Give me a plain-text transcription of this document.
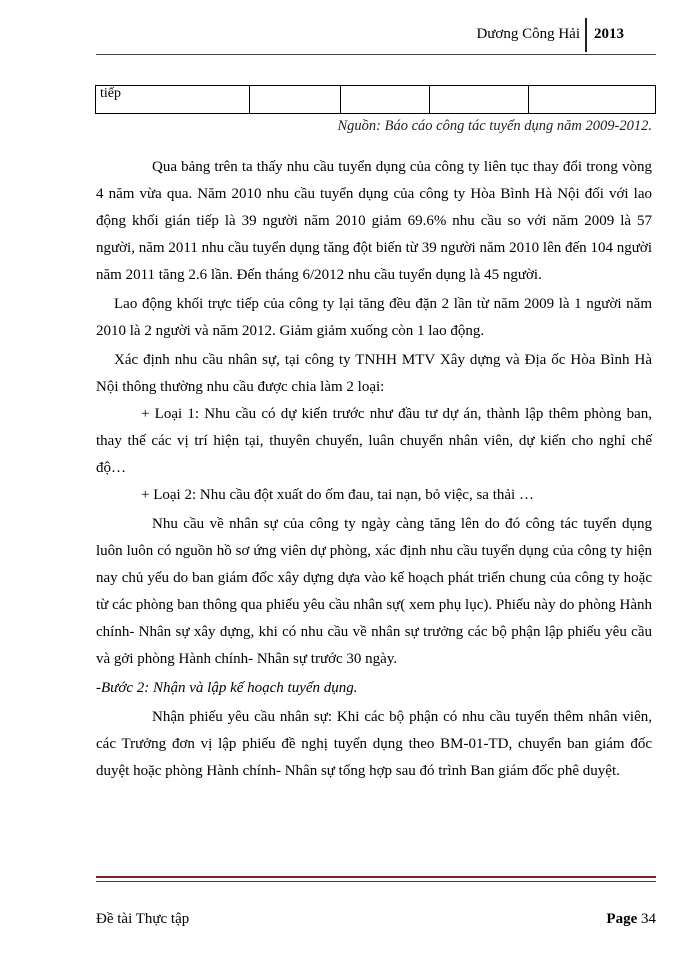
Dương Công Hải 2013
tiếp				
Nguồn: Báo cáo công tác tuyển dụng năm 2009-2012.

Qua bảng trên ta thấy nhu cầu tuyển dụng của công ty liên tục thay đổi trong vòng 4 năm vừa qua. Năm 2010 nhu cầu tuyển dụng của công ty Hòa Bình Hà Nội đối với lao động khối gián tiếp là 39 người năm 2010 giảm 69.6% nhu cầu so với năm 2009 là 57 người, năm 2011 nhu cầu tuyển dụng tăng đột biến từ 39 người năm 2010 lên đến 104 người năm 2011 tăng 2.6 lần. Đến tháng 6/2012 nhu cầu tuyển dụng là 45 người.

Lao động khối trực tiếp của công ty lại tăng đều đặn 2 lần từ năm 2009 là 1 người năm 2010 là 2 người và năm 2012. Giảm giảm xuống còn 1 lao động.

Xác định nhu cầu nhân sự, tại công ty TNHH MTV Xây dựng và Địa ốc Hòa Bình Hà Nội thông thường nhu cầu được chia làm 2 loại:

+ Loại 1: Nhu cầu có dự kiến trước như đầu tư dự án, thành lập thêm phòng ban, thay thế các vị trí hiện tại, thuyên chuyển, luân chuyển nhân viên, dự kiến cho nghỉ chế độ…

+ Loại 2: Nhu cầu đột xuất do ốm đau, tai nạn, bỏ việc, sa thải …

Nhu cầu về nhân sự của công ty ngày càng tăng lên do đó công tác tuyển dụng luôn luôn có nguồn hồ sơ ứng viên dự phòng, xác định nhu cầu tuyển dụng của công ty hiện nay chủ yếu do ban giám đốc xây dựng dựa vào kế hoạch phát triển chung của công ty hoặc từ các phòng ban thông qua phiếu yêu cầu nhân sự( xem phụ lục). Phiếu này do phòng Hành chính- Nhân sự xây dựng, khi có nhu cầu về nhân sự trưởng các bộ phận lập phiếu yêu cầu và gởi phòng Hành chính- Nhân sự trước 30 ngày.

-Bước 2: Nhận và lập kế hoạch tuyển dụng.

Nhận phiếu yêu cầu nhân sự: Khi các bộ phận có nhu cầu tuyển thêm nhân viên, các Trưởng đơn vị lập phiếu đề nghị tuyển dụng theo BM-01-TD, chuyển ban giám đốc duyệt hoặc phòng Hành chính- Nhân sự tổng hợp sau đó trình Ban giám đốc phê duyệt.

Đề tài Thực tập	Page 34
